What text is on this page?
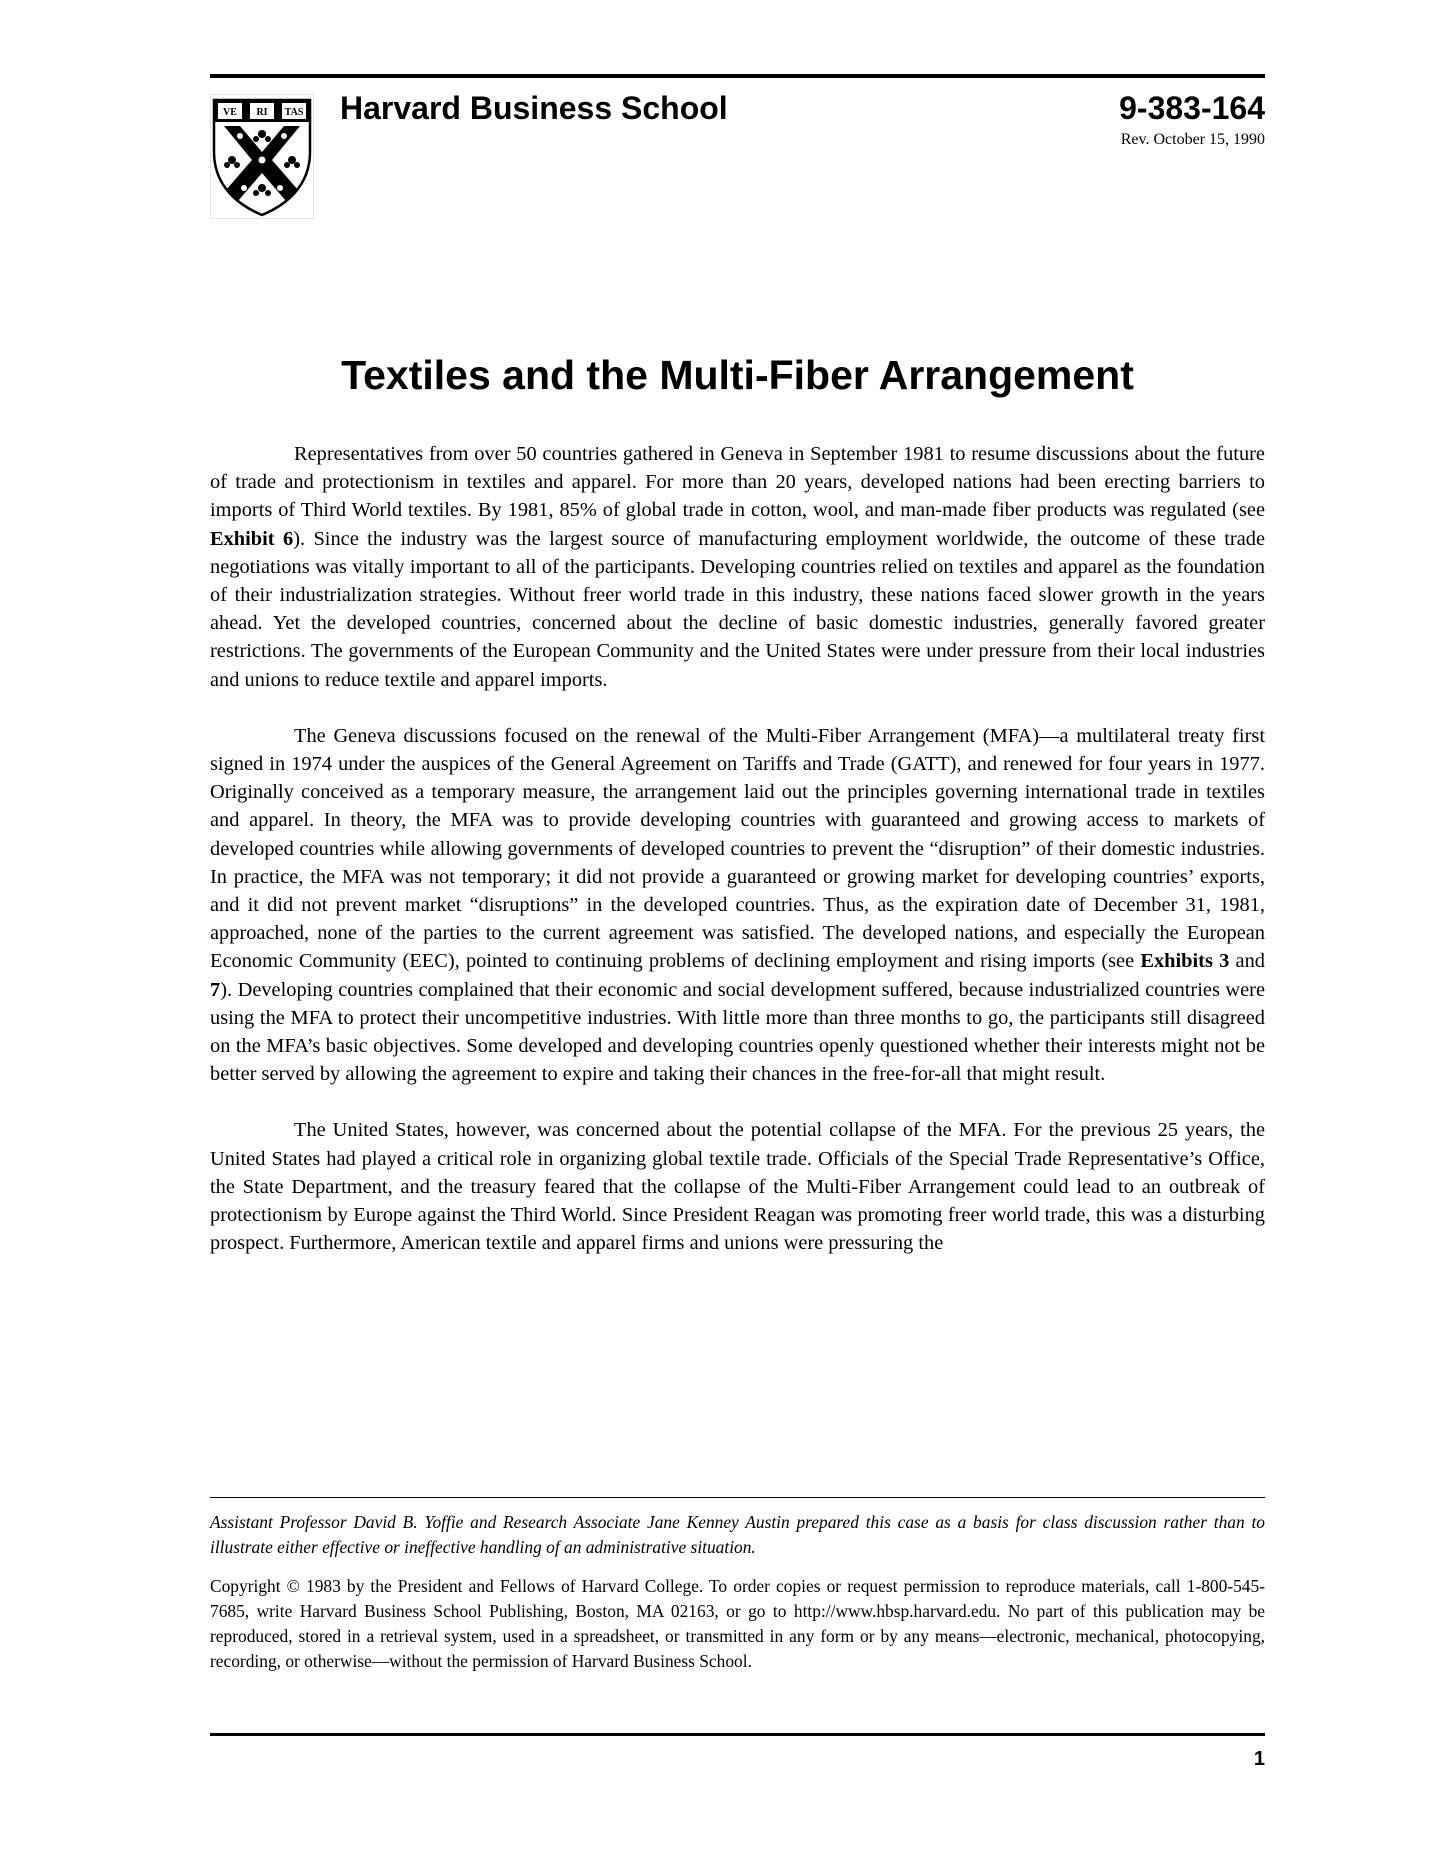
VE RI TAS Harvard Business School	9-383-164
Rev. October 15, 1990
Textiles and the Multi-Fiber Arrangement

Representatives from over 50 countries gathered in Geneva in September 1981 to resume discussions about the future of trade and protectionism in textiles and apparel. For more than 20 years, developed nations had been erecting barriers to imports of Third World textiles. By 1981, 85% of global trade in cotton, wool, and man-made fiber products was regulated (see Exhibit 6). Since the industry was the largest source of manufacturing employment worldwide, the outcome of these trade negotiations was vitally important to all of the participants. Developing countries relied on textiles and apparel as the foundation of their industrialization strategies. Without freer world trade in this industry, these nations faced slower growth in the years ahead. Yet the developed countries, concerned about the decline of basic domestic industries, generally favored greater restrictions. The governments of the European Community and the United States were under pressure from their local industries and unions to reduce textile and apparel imports.

The Geneva discussions focused on the renewal of the Multi-Fiber Arrangement (MFA)—a multilateral treaty first signed in 1974 under the auspices of the General Agreement on Tariffs and Trade (GATT), and renewed for four years in 1977. Originally conceived as a temporary measure, the arrangement laid out the principles governing international trade in textiles and apparel. In theory, the MFA was to provide developing countries with guaranteed and growing access to markets of developed countries while allowing governments of developed countries to prevent the “disruption” of their domestic industries. In practice, the MFA was not temporary; it did not provide a guaranteed or growing market for developing countries’ exports, and it did not prevent market “disruptions” in the developed countries. Thus, as the expiration date of December 31, 1981, approached, none of the parties to the current agreement was satisfied. The developed nations, and especially the European Economic Community (EEC), pointed to continuing problems of declining employment and rising imports (see Exhibits 3 and 7). Developing countries complained that their economic and social development suffered, because industrialized countries were using the MFA to protect their uncompetitive industries. With little more than three months to go, the participants still disagreed on the MFA’s basic objectives. Some developed and developing countries openly questioned whether their interests might not be better served by allowing the agreement to expire and taking their chances in the free-for-all that might result.

The United States, however, was concerned about the potential collapse of the MFA. For the previous 25 years, the United States had played a critical role in organizing global textile trade. Officials of the Special Trade Representative’s Office, the State Department, and the treasury feared that the collapse of the Multi-Fiber Arrangement could lead to an outbreak of protectionism by Europe against the Third World. Since President Reagan was promoting freer world trade, this was a disturbing prospect. Furthermore, American textile and apparel firms and unions were pressuring the

Assistant Professor David B. Yoffie and Research Associate Jane Kenney Austin prepared this case as a basis for class discussion rather than to illustrate either effective or ineffective handling of an administrative situation.
Copyright © 1983 by the President and Fellows of Harvard College. To order copies or request permission to reproduce materials, call 1-800-545-7685, write Harvard Business School Publishing, Boston, MA 02163, or go to http://www.hbsp.harvard.edu. No part of this publication may be reproduced, stored in a retrieval system, used in a spreadsheet, or transmitted in any form or by any means—electronic, mechanical, photocopying, recording, or otherwise—without the permission of Harvard Business School.
1
